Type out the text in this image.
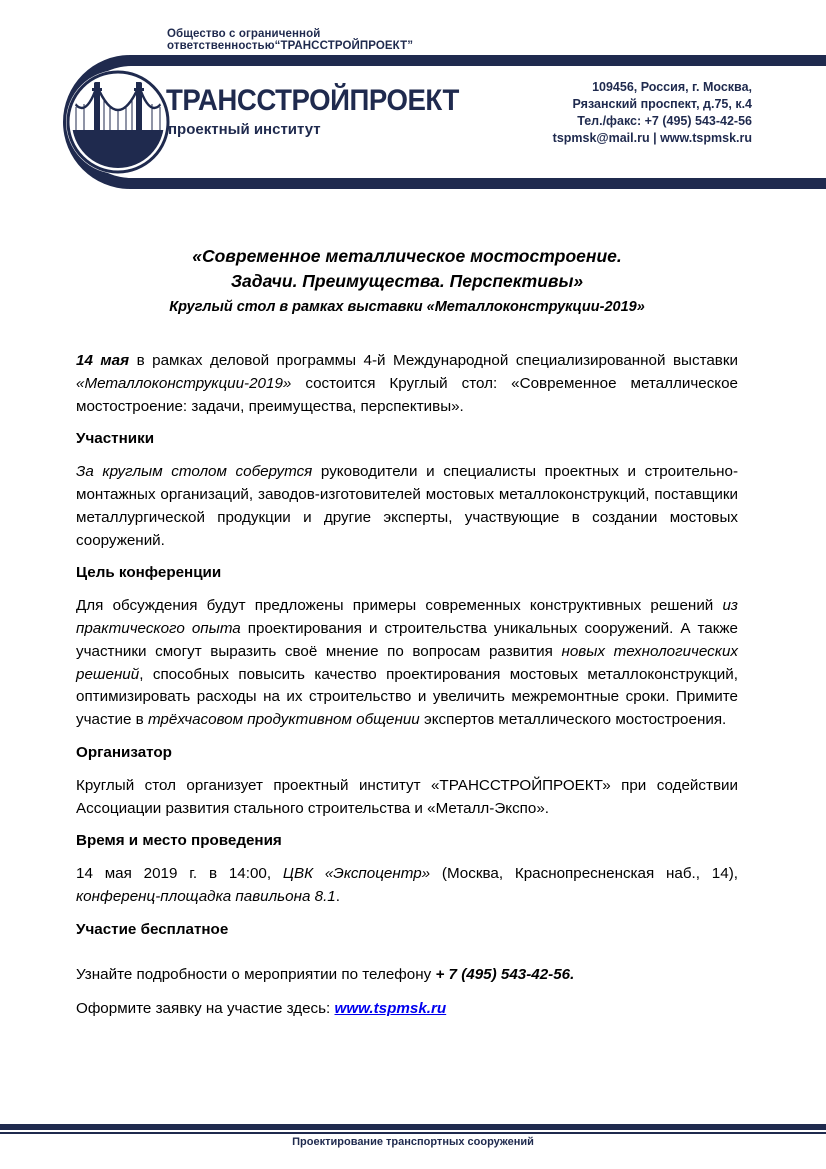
Общество с ограниченной ответственностью“ТРАНССТРОЙПРОЕКТ”
ТРАНССТРОЙПРОЕКТ
проектный институт
109456, Россия, г. Москва,
Рязанский проспект, д.75, к.4
Тел./факс: +7 (495) 543-42-56
tspmsk@mail.ru | www.tspmsk.ru
«Современное металлическое мостостроение.
Задачи. Преимущества. Перспективы»
Круглый стол в рамках выставки «Металлоконструкции-2019»

14 мая в рамках деловой программы 4-й Международной специализированной выставки «Металлоконструкции-2019» состоится Круглый стол: «Современное металлическое мостостроение: задачи, преимущества, перспективы».

Участники

За круглым столом соберутся руководители и специалисты проектных и строительно-монтажных организаций, заводов-изготовителей мостовых металлоконструкций, поставщики металлургической продукции и другие эксперты, участвующие в создании мостовых сооружений.

Цель конференции

Для обсуждения будут предложены примеры современных конструктивных решений из практического опыта проектирования и строительства уникальных сооружений. А также участники смогут выразить своё мнение по вопросам развития новых технологических решений, способных повысить качество проектирования мостовых металлоконструкций, оптимизировать расходы на их строительство и увеличить межремонтные сроки. Примите участие в трёхчасовом продуктивном общении экспертов металлического мостостроения.

Организатор

Круглый стол организует проектный институт «ТРАНССТРОЙПРОЕКТ» при содействии Ассоциации развития стального строительства и «Металл-Экспо».

Время и место проведения

14 мая 2019 г. в 14:00, ЦВК «Экспоцентр» (Москва, Краснопресненская наб., 14), конференц-площадка павильона 8.1.

Участие бесплатное

Узнайте подробности о мероприятии по телефону + 7 (495) 543-42-56.

Оформите заявку на участие здесь: www.tspmsk.ru

Проектирование транспортных сооружений
